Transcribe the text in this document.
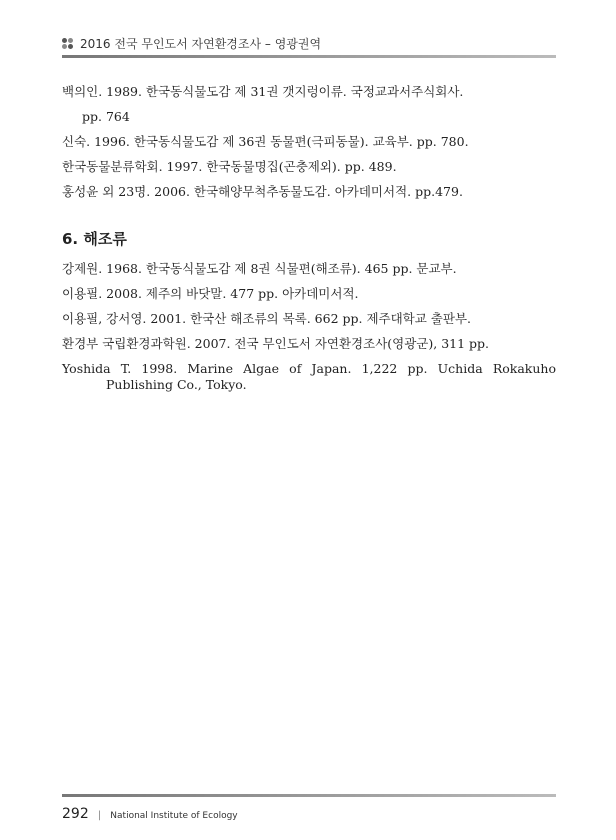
2016 전국 무인도서 자연환경조사 – 영광권역
백의인. 1989. 한국동식물도감 제 31권 갯지렁이류. 국정교과서주식회사.
pp. 764
신숙. 1996. 한국동식물도감 제 36권 동물편(극피동물). 교육부. pp. 780.
한국동물분류학회. 1997. 한국동물명집(곤충제외). pp. 489.
홍성윤 외 23명. 2006. 한국해양무척추동물도감. 아카데미서적. pp.479.
6. 해조류
강제원. 1968. 한국동식물도감 제 8권 식물편(해조류). 465 pp. 문교부.
이용필. 2008. 제주의 바닷말. 477 pp. 아카데미서적.
이용필, 강서영. 2001. 한국산 해조류의 목록. 662 pp. 제주대학교 출판부.
환경부 국립환경과학원. 2007. 전국 무인도서 자연환경조사(영광군), 311 pp.
Yoshida T. 1998. Marine Algae of Japan. 1,222 pp. Uchida Rokakuho Publishing Co., Tokyo.
292 | National Institute of Ecology
